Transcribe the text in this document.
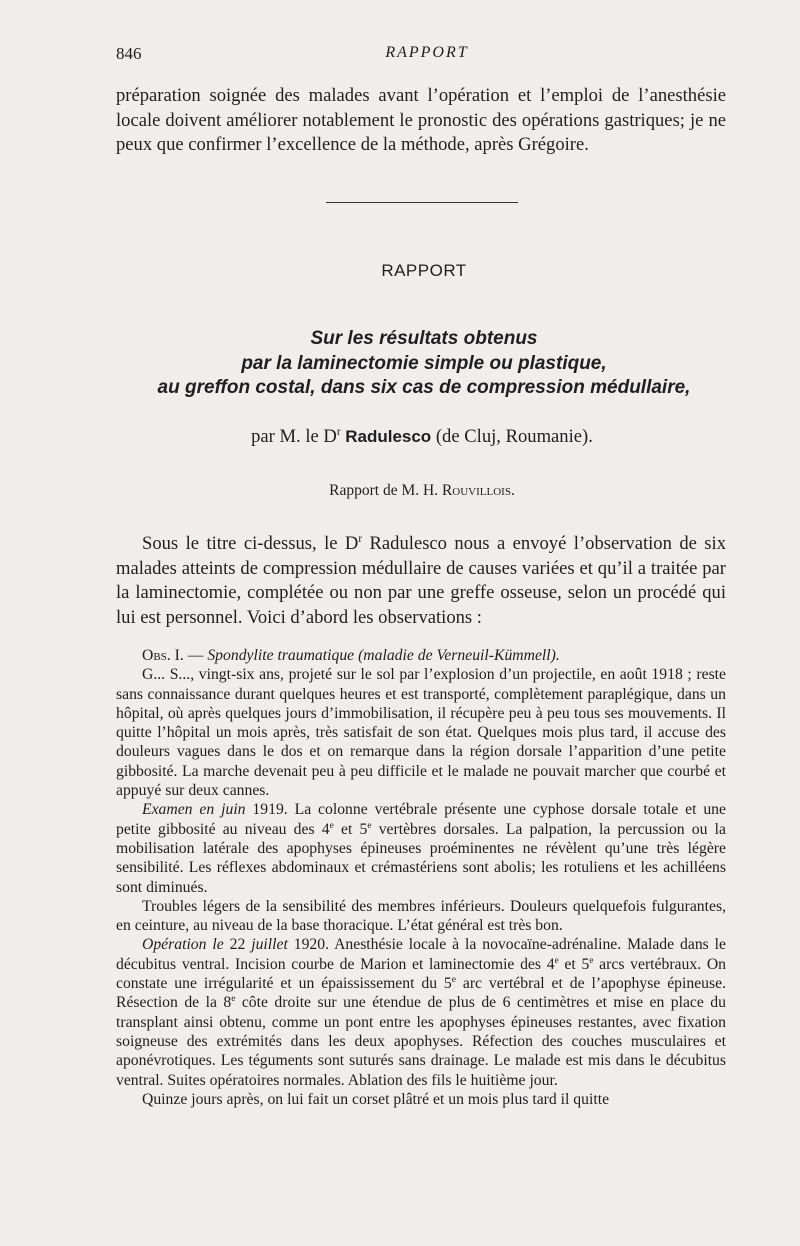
846	RAPPORT

préparation soignée des malades avant l’opération et l’emploi de l’anesthésie locale doivent améliorer notablement le pronostic des opérations gastriques; je ne peux que confirmer l’excellence de la méthode, après Grégoire.

RAPPORT
Sur les résultats obtenus
par la laminectomie simple ou plastique,
au greffon costal, dans six cas de compression médullaire,
par M. le $D^r$ Radulesco (de Cluj, Roumanie).
Rapport de M. H. Rouvillois.
Sous le titre ci-dessus, le $D^r$ Radulesco nous a envoyé l’observation de six malades atteints de compression médullaire de causes variées et qu’il a traitée par la laminectomie, complétée ou non par une greffe osseuse, selon un procédé qui lui est personnel. Voici d’abord les observations :

Obs. I. — Spondylite traumatique (maladie de Verneuil-Kümmell).

G... S..., vingt-six ans, projeté sur le sol par l’explosion d’un projectile, en août 1918 ; reste sans connaissance durant quelques heures et est transporté, complètement paraplégique, dans un hôpital, où après quelques jours d’immobilisation, il récupère peu à peu tous ses mouvements. Il quitte l’hôpital un mois après, très satisfait de son état. Quelques mois plus tard, il accuse des douleurs vagues dans le dos et on remarque dans la région dorsale l’apparition d’une petite gibbosité. La marche devenait peu à peu difficile et le malade ne pouvait marcher que courbé et appuyé sur deux cannes.

Examen en juin 1919. La colonne vertébrale présente une cyphose dorsale totale et une petite gibbosité au niveau des 4e et 5e vertèbres dorsales. La palpation, la percussion ou la mobilisation latérale des apophyses épineuses proéminentes ne révèlent qu’une très légère sensibilité. Les réflexes abdominaux et crémastériens sont abolis; les rotuliens et les achilléens sont diminués.

Troubles légers de la sensibilité des membres inférieurs. Douleurs quelquefois fulgurantes, en ceinture, au niveau de la base thoracique. L’état général est très bon.

Opération le 22 juillet 1920. Anesthésie locale à la novocaïne-adrénaline. Malade dans le décubitus ventral. Incision courbe de Marion et laminectomie des 4e et 5e arcs vertébraux. On constate une irrégularité et un épaississement du 5e arc vertébral et de l’apophyse épineuse. Résection de la 8e côte droite sur une étendue de plus de 6 centimètres et mise en place du transplant ainsi obtenu, comme un pont entre les apophyses épineuses restantes, avec fixation soigneuse des extrémités dans les deux apophyses. Réfection des couches musculaires et aponévrotiques. Les téguments sont suturés sans drainage. Le malade est mis dans le décubitus ventral. Suites opératoires normales. Ablation des fils le huitième jour.

Quinze jours après, on lui fait un corset plâtré et un mois plus tard il quitte
